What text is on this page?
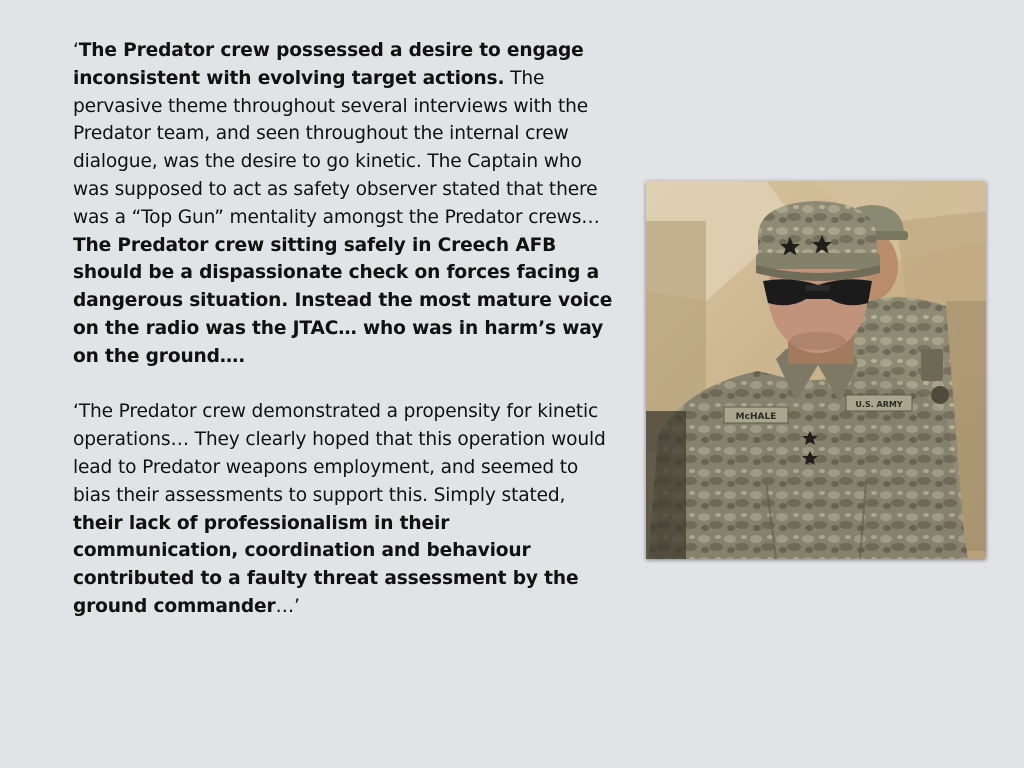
‘The Predator crew possessed a desire to engage inconsistent with evolving target actions. The pervasive theme throughout several interviews with the Predator team, and seen throughout the internal crew dialogue, was the desire to go kinetic. The Captain who was supposed to act as safety observer stated that there was a “Top Gun” mentality amongst the Predator crews… The Predator crew sitting safely in Creech AFB should be a dispassionate check on forces facing a dangerous situation. Instead the most mature voice on the radio was the JTAC… who was in harm’s way on the ground….

‘The Predator crew demonstrated a propensity for kinetic operations… They clearly hoped that this operation would lead to Predator weapons employment, and seemed to bias their assessments to support this. Simply stated, their lack of professionalism in their communication, coordination and behaviour contributed to a faulty threat assessment by the ground commander…’

McHALE
U.S. ARMY
